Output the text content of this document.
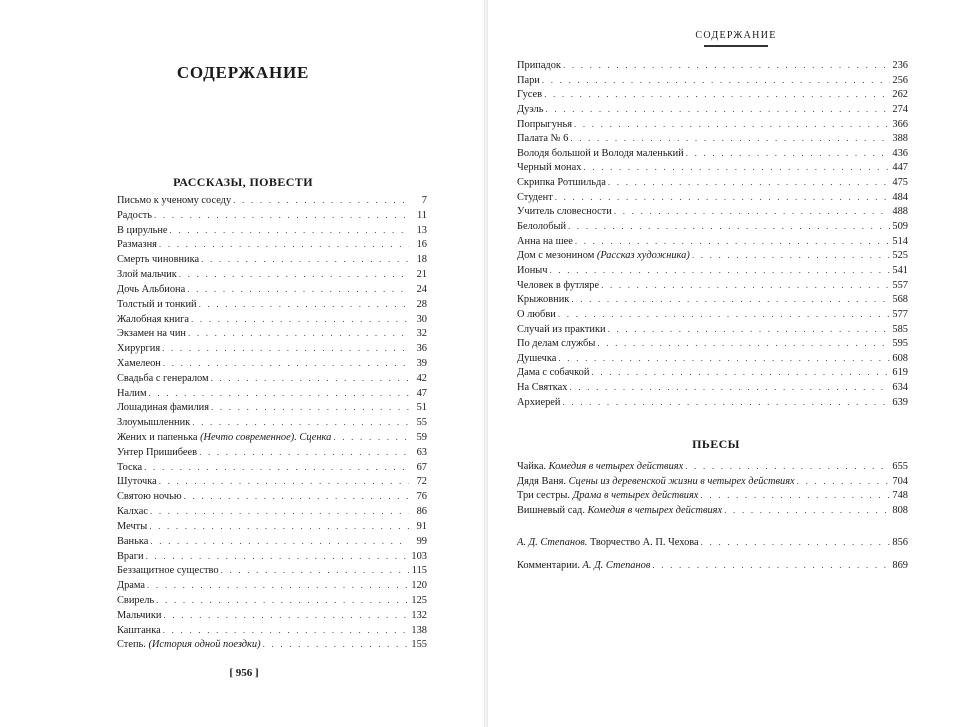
СОДЕРЖАНИЕ
РАССКАЗЫ, ПОВЕСТИ
Письмо к ученому соседу . . .	7
Радость . . .	11
В цирульне . . .	13
Размазня . . .	16
Смерть чиновника . . .	18
Злой мальчик . . .	21
Дочь Альбиона . . .	24
Толстый и тонкий . . .	28
Жалобная книга . . .	30
Экзамен на чин . . .	32
Хирургия . . .	36
Хамелеон . . .	39
Свадьба с генералом . . .	42
Налим . . .	47
Лошадиная фамилия . . .	51
Злоумышленник . . .	55
Жених и папенька (Нечто современное). Сценка . . .	59
Унтер Пришибеев . . .	63
Тоска . . .	67
Шуточка . . .	72
Святою ночью . . .	76
Калхас . . .	86
Мечты . . .	91
Ванька . . .	99
Враги . . .	103
Беззащитное существо . . .	115
Драма . . .	120
Свирель . . .	125
Мальчики . . .	132
Каштанка . . .	138
Степь. (История одной поездки) . . .	155
[ 956 ]
СОДЕРЖАНИЕ
Припадок . . .	236
Пари . . .	256
Гусев . . .	262
Дуэль . . .	274
Попрыгунья . . .	366
Палата № 6 . . .	388
Володя большой и Володя маленький . . .	436
Черный монах . . .	447
Скрипка Ротшильда . . .	475
Студент . . .	484
Учитель словесности . . .	488
Белолобый . . .	509
Анна на шее . . .	514
Дом с мезонином (Рассказ художника) . . .	525
Ионыч . . .	541
Человек в футляре . . .	557
Крыжовник . . .	568
О любви . . .	577
Случай из практики . . .	585
По делам службы . . .	595
Душечка . . .	608
Дама с собачкой . . .	619
На Святках . . .	634
Архиерей . . .	639
ПЬЕСЫ
Чайка. Комедия в четырех действиях . . .	655
Дядя Ваня. Сцены из деревенской жизни в четырех действиях . . .	704
Три сестры. Драма в четырех действиях . . .	748
Вишневый сад. Комедия в четырех действиях . . .	808
А. Д. Степанов. Творчество А. П. Чехова . . .	856
Комментарии. А. Д. Степанов . . .	869
